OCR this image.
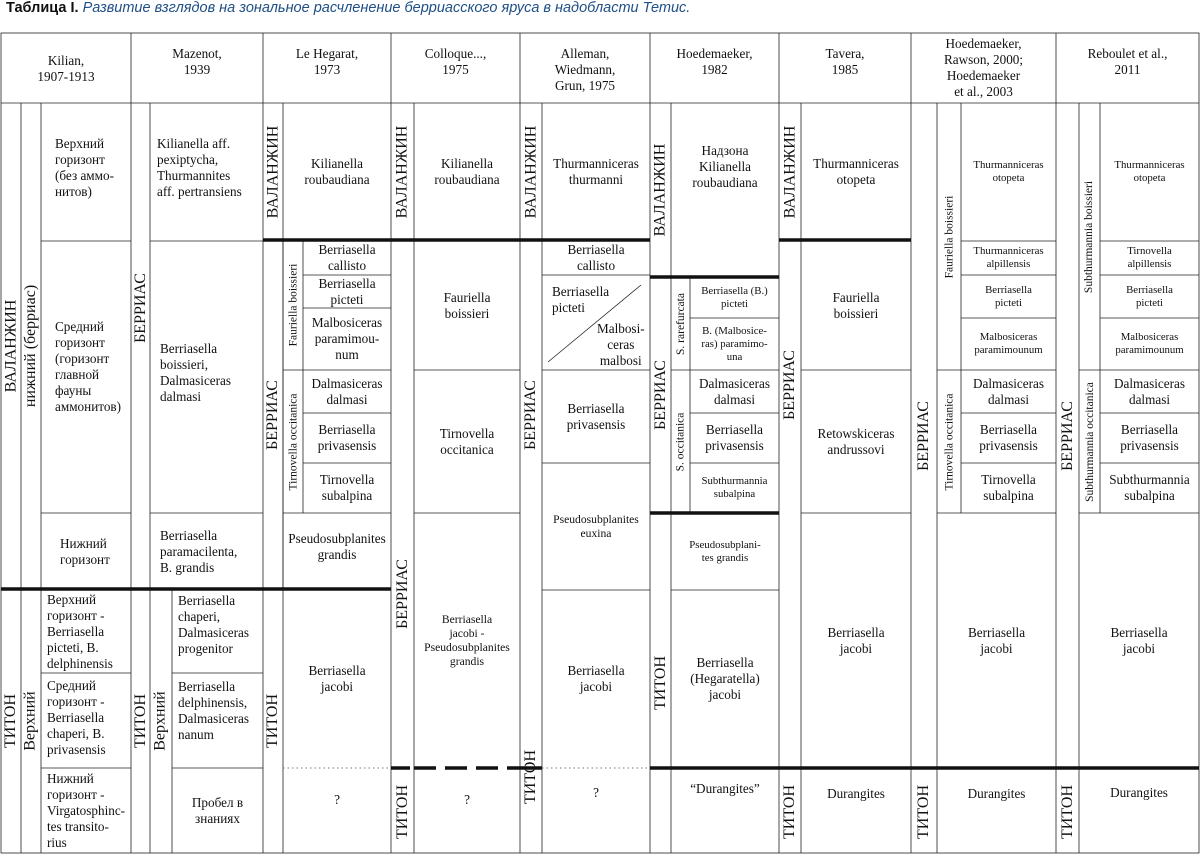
Таблица I. Развитие взглядов на зональное расчленение берриасского яруса в надобласти Тетис.
Kilian,
1907-1913
Mazenot,
1939
Le Hegarat,
1973
Colloque...,
1975
Alleman,
Wiedmann,
Grun, 1975
Hoedemaeker,
1982
Tavera,
1985
Hoedemaeker,
Rawson, 2000;
Hoedemaeker
et al., 2003
Reboulet et al.,
2011
ВАЛАНЖИН нижний (берриас)
ТИТОН Верхний
Верхний
горизонт
(без аммо-
нитов)
Средний
горизонт
(горизонт
главной
фауны
аммонитов)
Нижний
горизонт
Верхний
горизонт -
Berriasella
picteti, B.
delphinensis
Средний
горизонт -
Berriasella
chaperi, B.
privasensis
Нижний
горизонт -
Virgatosphinc-
tes transito-
rius
БЕРРИАС
ТИТОН Верхний
Kilianella aff.
pexiptycha,
Thurmannites
aff. pertransiens
Berriasella
boissieri,
Dalmasiceras
dalmasi
Berriasella
paramacilenta,
B. grandis
Berriasella
chaperi,
Dalmasiceras
progenitor
Berriasella
delphinensis,
Dalmasiceras
nanum
Пробел в
знаниях
ВАЛАНЖИН
БЕРРИАС
ТИТОН
Fauriella boissieri
Tirnovella occitanica
Kilianella
roubaudiana
Berriasella
callisto
Berriasella
picteti
Malbosiceras
paramimou-
num
Dalmasiceras
dalmasi
Berriasella
privasensis
Tirnovella
subalpina
Pseudosubplanites
grandis
Berriasella
jacobi
?
ВАЛАНЖИН
БЕРРИАС
ТИТОН
Kilianella
roubaudiana
Fauriella
boissieri
Tirnovella
occitanica
Berriasella
jacobi -
Pseudosubplanites
grandis
?
ВАЛАНЖИН
БЕРРИАС
ТИТОН
Thurmanniceras
thurmanni
Berriasella
callisto
Berriasella
picteti
Malbosi-
ceras
malbosi
Berriasella
privasensis
Pseudosubplanites
euxina
Berriasella
jacobi
?
ВАЛАНЖИН
БЕРРИАС
ТИТОН
S. rarefurcata
S. occitanica
Надзона
Kilianella
roubaudiana
Berriasella (B.)
picteti
B. (Malbosice-
ras) paramimo-
una
Dalmasiceras
dalmasi
Berriasella
privasensis
Subthurmannia
subalpina
Pseudosubplani-
tes grandis
Berriasella
(Hegaratella)
jacobi
“Durangites”
ВАЛАНЖИН
БЕРРИАС
ТИТОН
Thurmanniceras
otopeta
Fauriella
boissieri
Retowskiceras
andrussovi
Berriasella
jacobi
Durangites
БЕРРИАС
ТИТОН
Fauriella boissieri
Tirnovella occitanica
Thurmanniceras
otopeta
Thurmanniceras
alpillensis
Berriasella
picteti
Malbosiceras
paramimounum
Dalmasiceras
dalmasi
Berriasella
privasensis
Tirnovella
subalpina
Berriasella
jacobi
Durangites
БЕРРИАС
ТИТОН
Subthurmannia boissieri
Subthurmannia occitanica
Thurmanniceras
otopeta
Tirnovella
alpillensis
Berriasella
picteti
Malbosiceras
paramimounum
Dalmasiceras
dalmasi
Berriasella
privasensis
Subthurmannia
subalpina
Berriasella
jacobi
Durangites
